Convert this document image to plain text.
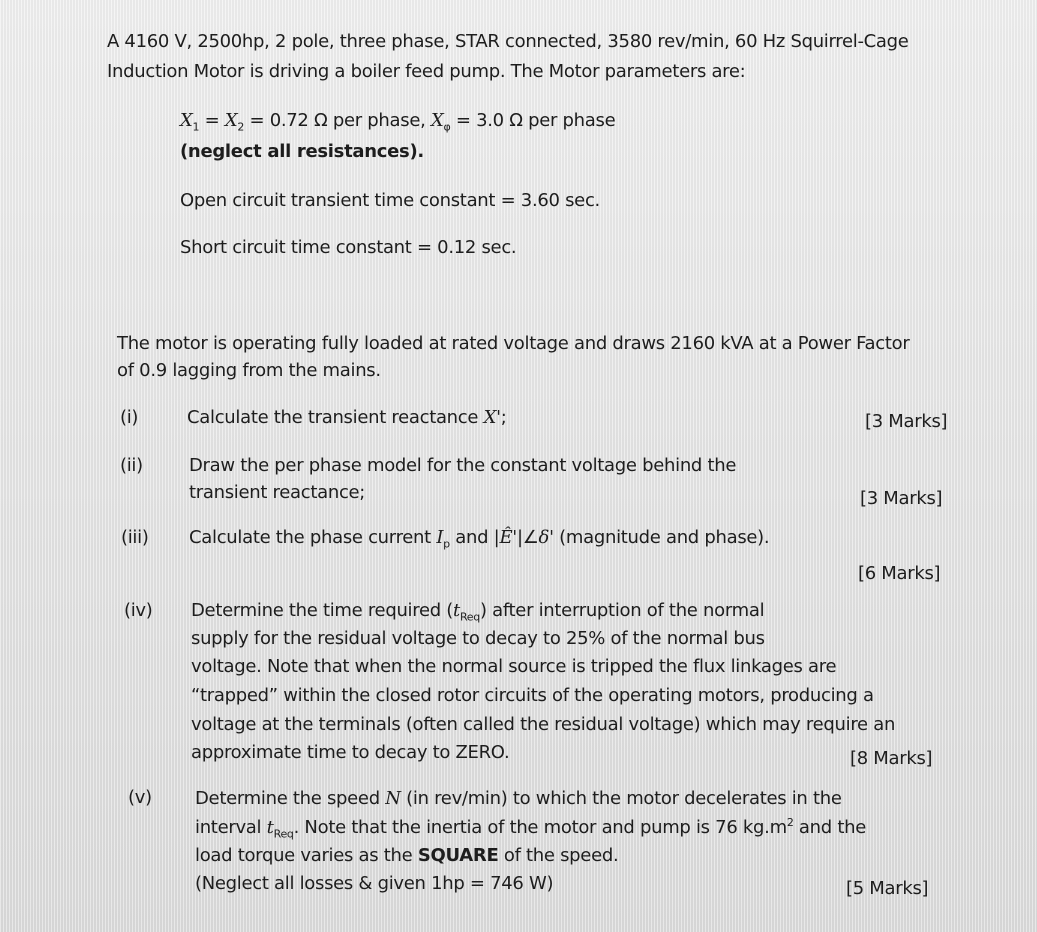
A 4160 V, 2500hp, 2 pole, three phase, STAR connected, 3580 rev/min, 60 Hz Squirrel-Cage
Induction Motor is driving a boiler feed pump. The Motor parameters are:
$X_1 = X_2 = 0.72$ Ω per phase, $X_\varphi = 3.0$ Ω per phase
(neglect all resistances).
Open circuit transient time constant = 3.60 sec.
Short circuit time constant = 0.12 sec.
The motor is operating fully loaded at rated voltage and draws 2160 kVA at a Power Factor
of 0.9 lagging from the mains.
(i)	Calculate the transient reactance X';	[3 Marks]
(ii)	Draw the per phase model for the constant voltage behind the
transient reactance;	[3 Marks]
(iii) Calculate the phase current $I_p$ and |Ê'|∠δ' (magnitude and phase).
[6 Marks]
(iv) Determine the time required $(t_{Req})$ after interruption of the normal
supply for the residual voltage to decay to 25% of the normal bus
voltage. Note that when the normal source is tripped the flux linkages are
“trapped” within the closed rotor circuits of the operating motors, producing a
voltage at the terminals (often called the residual voltage) which may require an
approximate time to decay to ZERO.	[8 Marks]
(v) Determine the speed N (in rev/min) to which the motor decelerates in the
interval $t_{Req}$. Note that the inertia of the motor and pump is 76 $kg.m^2$ and the
load torque varies as the SQUARE of the speed.
(Neglect all losses & given 1hp = 746 W)	[5 Marks]
